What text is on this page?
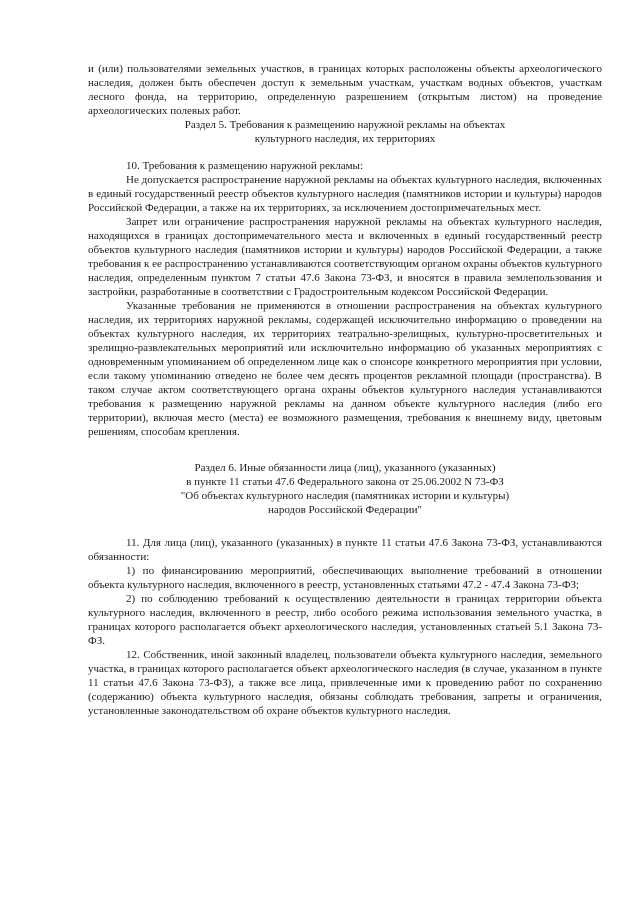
и (или) пользователями земельных участков, в границах которых расположены объекты археологического наследия, должен быть обеспечен доступ к земельным участкам, участкам водных объектов, участкам лесного фонда, на территорию, определенную разрешением (открытым листом) на проведение археологических полевых работ.

Раздел 5. Требования к размещению наружной рекламы на объектах

культурного наследия, их территориях

10. Требования к размещению наружной рекламы:

Не допускается распространение наружной рекламы на объектах культурного наследия, включенных в единый государственный реестр объектов культурного наследия (памятников истории и культуры) народов Российской Федерации, а также на их территориях, за исключением достопримечательных мест.

Запрет или ограничение распространения наружной рекламы на объектах культурного наследия, находящихся в границах достопримечательного места и включенных в единый государственный реестр объектов культурного наследия (памятников истории и культуры) народов Российской Федерации, а также требования к ее распространению устанавливаются соответствующим органом охраны объектов культурного наследия, определенным пунктом 7 статьи 47.6 Закона 73-ФЗ, и вносятся в правила землепользования и застройки, разработанные в соответствии с Градостроительным кодексом Российской Федерации.

Указанные требования не применяются в отношении распространения на объектах культурного наследия, их территориях наружной рекламы, содержащей исключительно информацию о проведении на объектах культурного наследия, их территориях театрально-зрелищных, культурно-просветительных и зрелищно-развлекательных мероприятий или исключительно информацию об указанных мероприятиях с одновременным упоминанием об определенном лице как о спонсоре конкретного мероприятия при условии, если такому упоминанию отведено не более чем десять процентов рекламной площади (пространства). В таком случае актом соответствующего органа охраны объектов культурного наследия устанавливаются требования к размещению наружной рекламы на данном объекте культурного наследия (либо его территории), включая место (места) ее возможного размещения, требования к внешнему виду, цветовым решениям, способам крепления.

Раздел 6. Иные обязанности лица (лиц), указанного (указанных)

в пункте 11 статьи 47.6 Федерального закона от 25.06.2002 N 73-ФЗ

"Об объектах культурного наследия (памятниках истории и культуры)

народов Российской Федерации"

11. Для лица (лиц), указанного (указанных) в пункте 11 статьи 47.6 Закона 73-ФЗ, устанавливаются обязанности:

1) по финансированию мероприятий, обеспечивающих выполнение требований в отношении объекта культурного наследия, включенного в реестр, установленных статьями 47.2 - 47.4 Закона 73-ФЗ;

2) по соблюдению требований к осуществлению деятельности в границах территории объекта культурного наследия, включенного в реестр, либо особого режима использования земельного участка, в границах которого располагается объект археологического наследия, установленных статьей 5.1 Закона 73-ФЗ.

12. Собственник, иной законный владелец, пользователи объекта культурного наследия, земельного участка, в границах которого располагается объект археологического наследия (в случае, указанном в пункте 11 статьи 47.6 Закона 73-ФЗ), а также все лица, привлеченные ими к проведению работ по сохранению (содержанию) объекта культурного наследия, обязаны соблюдать требования, запреты и ограничения, установленные законодательством об охране объектов культурного наследия.
